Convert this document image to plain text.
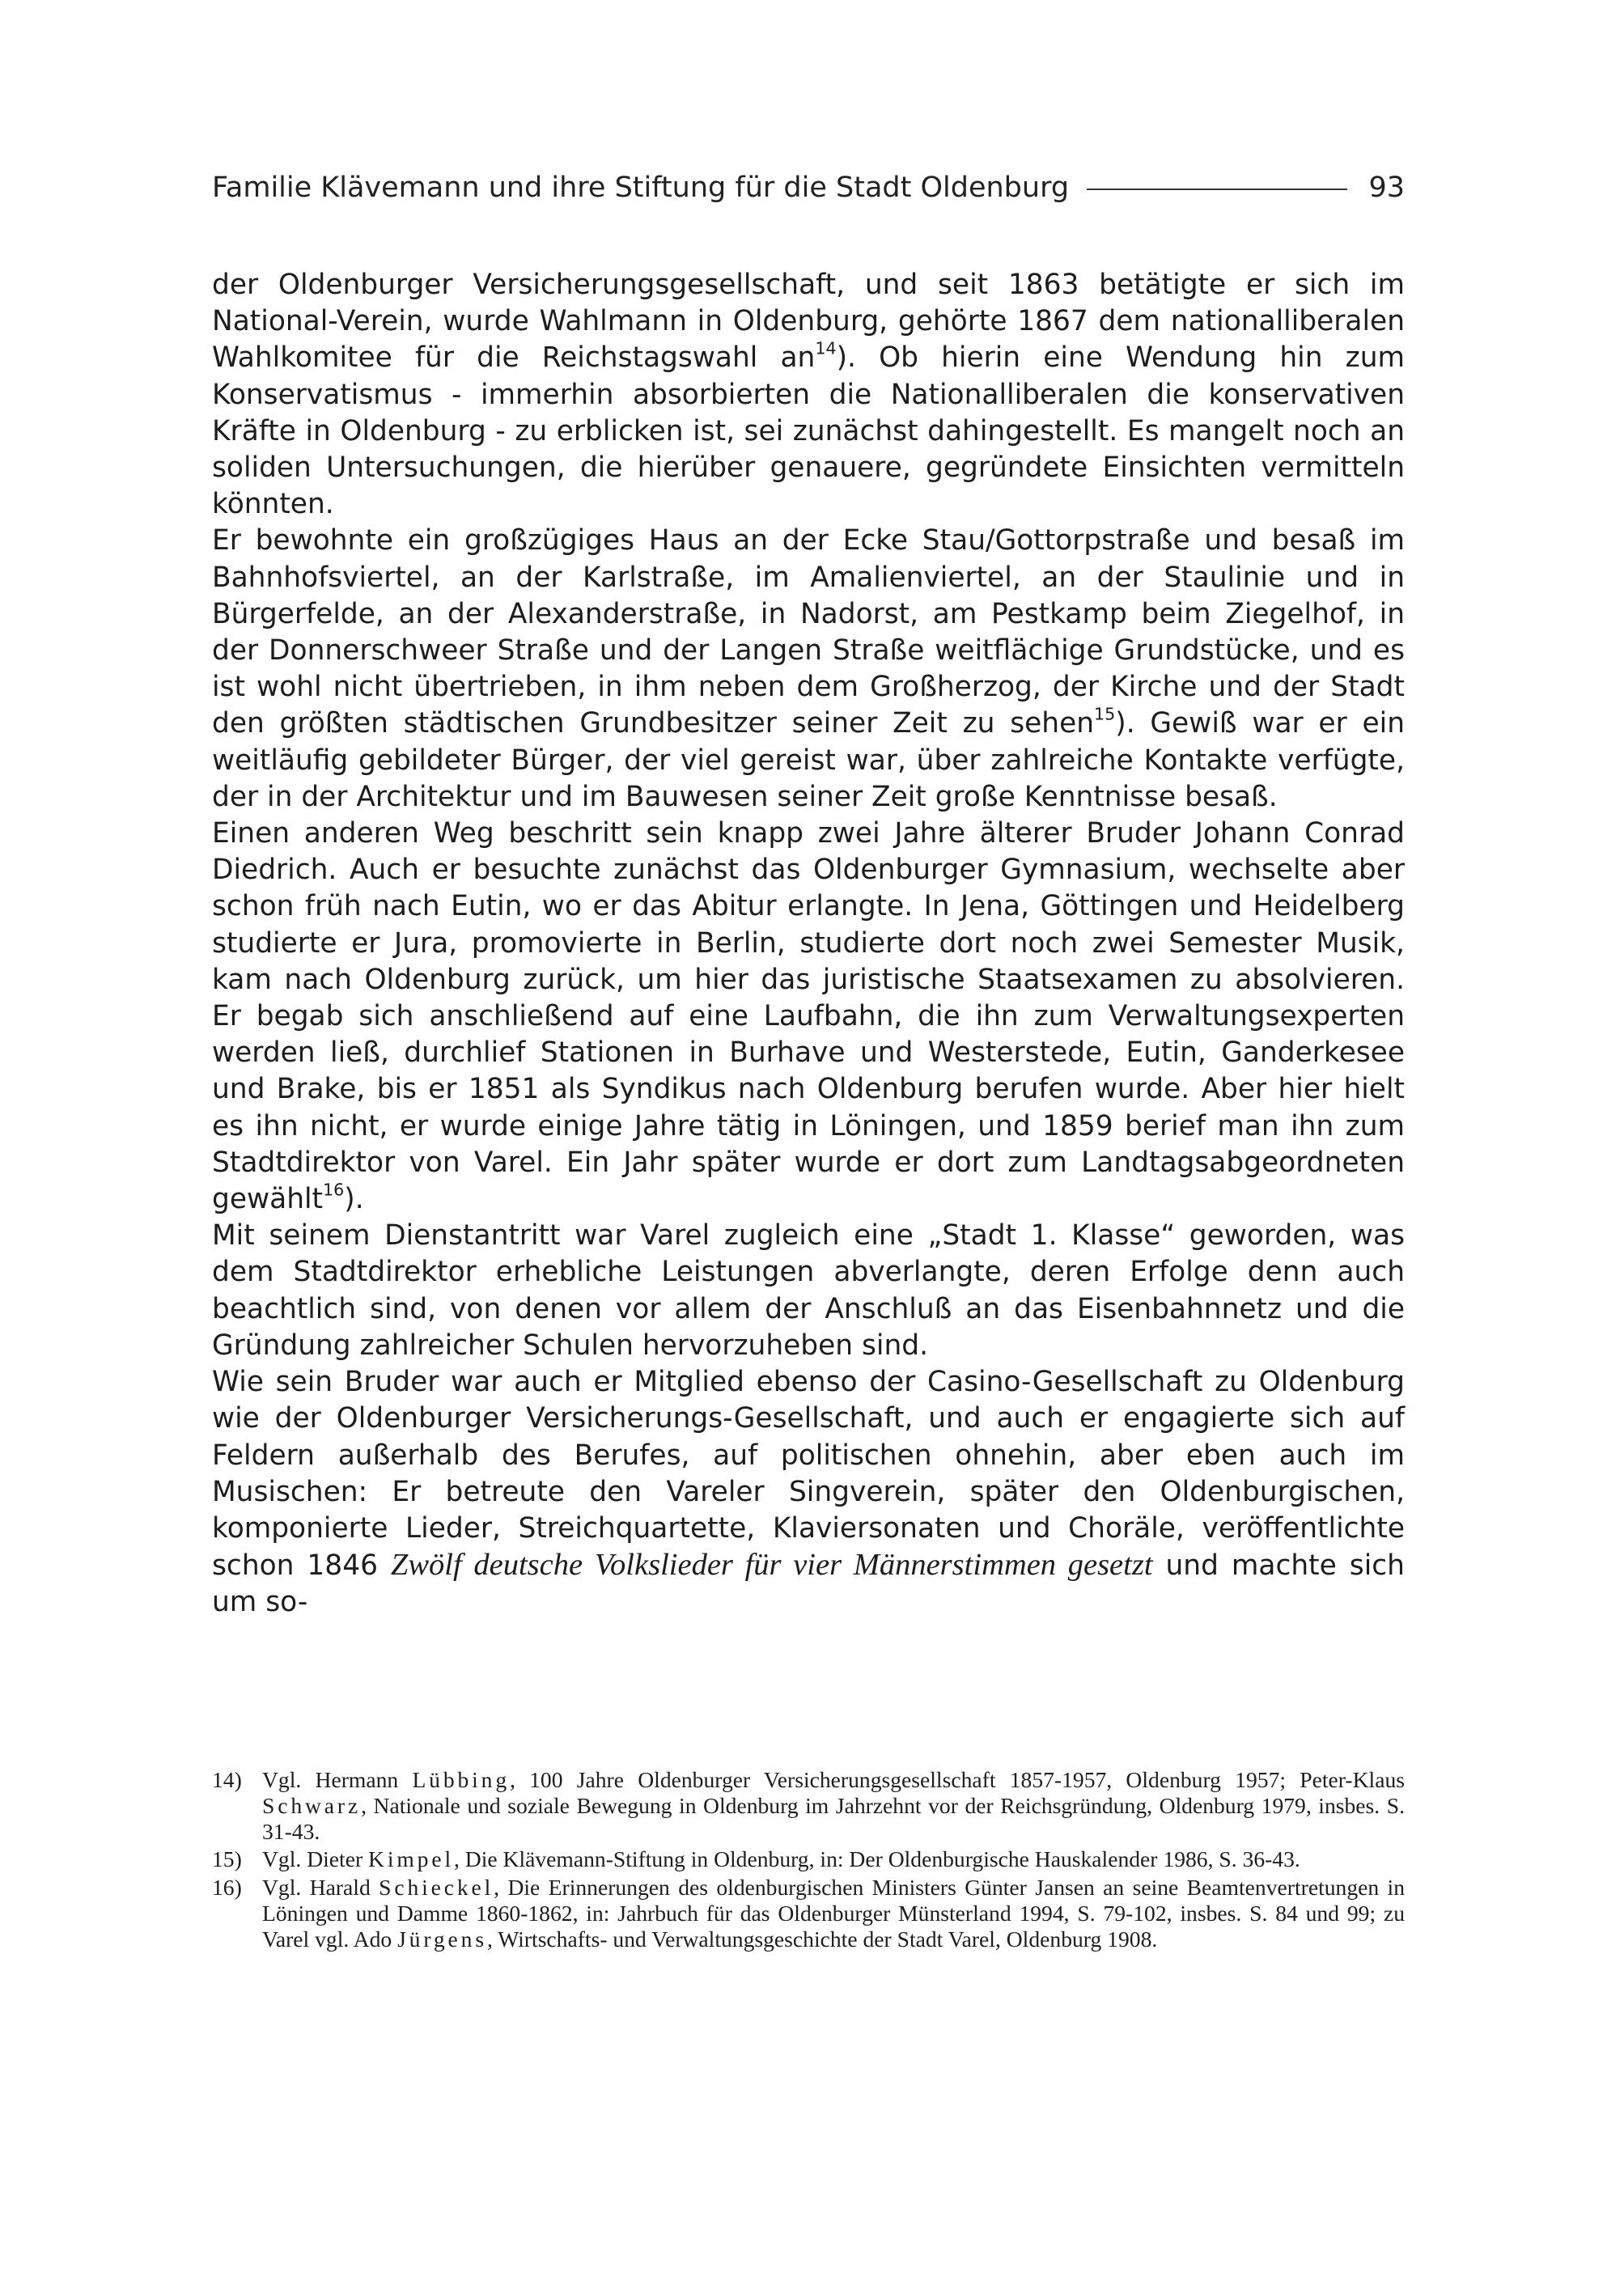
Familie Klävemann und ihre Stiftung für die Stadt Oldenburg	93

der Oldenburger Versicherungsgesellschaft, und seit 1863 betätigte er sich im National-Verein, wurde Wahlmann in Oldenburg, gehörte 1867 dem nationalliberalen Wahlkomitee für die Reichstagswahl $an^{14}$). Ob hierin eine Wendung hin zum Konservatismus - immerhin absorbierten die Nationalliberalen die konservativen Kräfte in Oldenburg - zu erblicken ist, sei zunächst dahingestellt. Es mangelt noch an soliden Untersuchungen, die hierüber genauere, gegründete Einsichten vermitteln könnten.

Er bewohnte ein großzügiges Haus an der Ecke Stau/Gottorpstraße und besaß im Bahnhofsviertel, an der Karlstraße, im Amalienviertel, an der Staulinie und in Bürgerfelde, an der Alexanderstraße, in Nadorst, am Pestkamp beim Ziegelhof, in der Donnerschweer Straße und der Langen Straße weitflächige Grundstücke, und es ist wohl nicht übertrieben, in ihm neben dem Großherzog, der Kirche und der Stadt den größten städtischen Grundbesitzer seiner Zeit zu sehen$^{15}$). Gewiß war er ein weitläufig gebildeter Bürger, der viel gereist war, über zahlreiche Kontakte verfügte, der in der Architektur und im Bauwesen seiner Zeit große Kenntnisse besaß.

Einen anderen Weg beschritt sein knapp zwei Jahre älterer Bruder Johann Conrad Diedrich. Auch er besuchte zunächst das Oldenburger Gymnasium, wechselte aber schon früh nach Eutin, wo er das Abitur erlangte. In Jena, Göttingen und Heidelberg studierte er Jura, promovierte in Berlin, studierte dort noch zwei Semester Musik, kam nach Oldenburg zurück, um hier das juristische Staatsexamen zu absolvieren. Er begab sich anschließend auf eine Laufbahn, die ihn zum Verwaltungsexperten werden ließ, durchlief Stationen in Burhave und Westerstede, Eutin, Ganderkesee und Brake, bis er 1851 als Syndikus nach Oldenburg berufen wurde. Aber hier hielt es ihn nicht, er wurde einige Jahre tätig in Löningen, und 1859 berief man ihn zum Stadtdirektor von Varel. Ein Jahr später wurde er dort zum Landtagsabgeordneten gewählt$^{16}$).

Mit seinem Dienstantritt war Varel zugleich eine „Stadt 1. Klasse“ geworden, was dem Stadtdirektor erhebliche Leistungen abverlangte, deren Erfolge denn auch beachtlich sind, von denen vor allem der Anschluß an das Eisenbahnnetz und die Gründung zahlreicher Schulen hervorzuheben sind.

Wie sein Bruder war auch er Mitglied ebenso der Casino-Gesellschaft zu Oldenburg wie der Oldenburger Versicherungs-Gesellschaft, und auch er engagierte sich auf Feldern außerhalb des Berufes, auf politischen ohnehin, aber eben auch im Musischen: Er betreute den Vareler Singverein, später den Oldenburgischen, komponierte Lieder, Streichquartette, Klaviersonaten und Choräle, veröffentlichte schon 1846 Zwölf deutsche Volkslieder für vier Männerstimmen gesetzt und machte sich um so-

14) Vgl. Hermann Lübbing, 100 Jahre Oldenburger Versicherungsgesellschaft 1857-1957, Oldenburg 1957; Peter-Klaus Schwarz, Nationale und soziale Bewegung in Oldenburg im Jahrzehnt vor der Reichsgründung, Oldenburg 1979, insbes. S. 31-43.
15) Vgl. Dieter Kimpel, Die Klävemann-Stiftung in Oldenburg, in: Der Oldenburgische Hauskalender 1986, S. 36-43.
16) Vgl. Harald Schieckel, Die Erinnerungen des oldenburgischen Ministers Günter Jansen an seine Beamtenvertretungen in Löningen und Damme 1860-1862, in: Jahrbuch für das Oldenburger Münsterland 1994, S. 79-102, insbes. S. 84 und 99; zu Varel vgl. Ado Jürgens, Wirtschafts- und Verwaltungsgeschichte der Stadt Varel, Oldenburg 1908.
